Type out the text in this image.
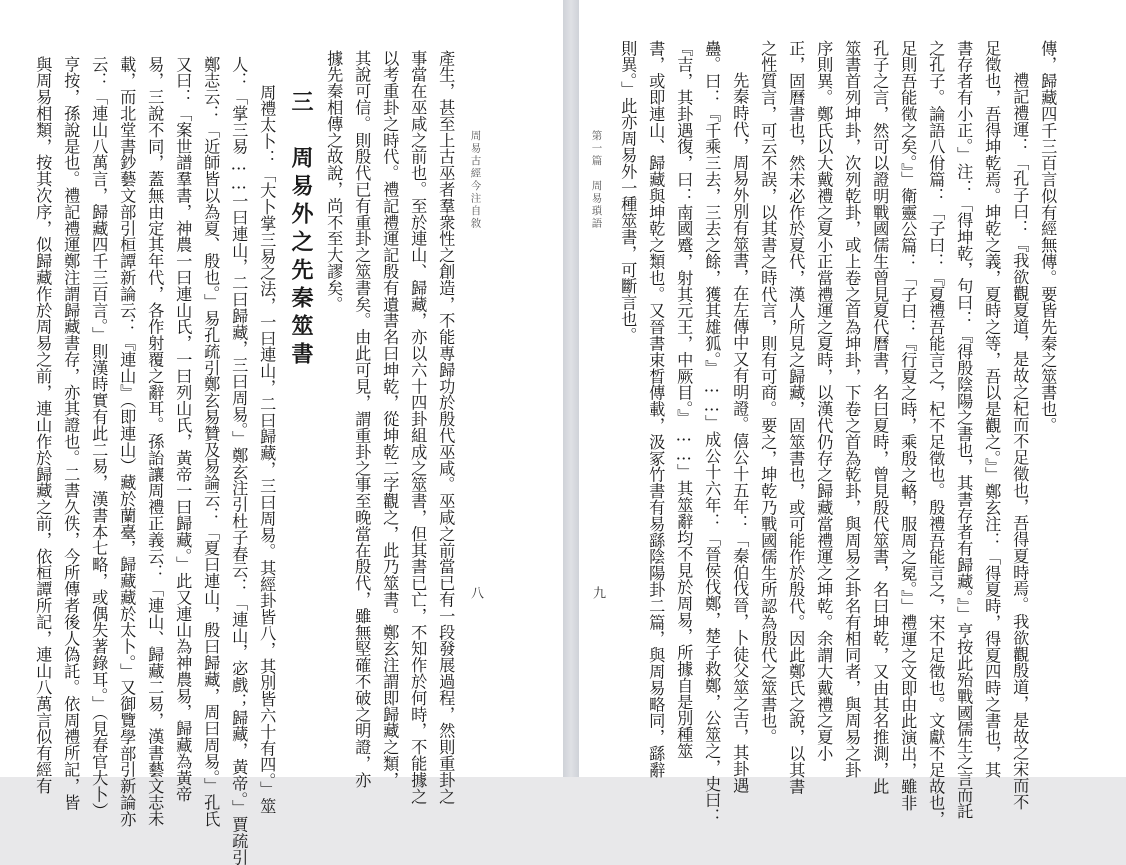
周易古經今注自敘
八
產生，甚至上古巫者羣衆性之創造，不能專歸功於殷代巫咸。巫咸之前當已有一段發展過程，然則重卦之
事當在巫咸之前也。至於連山、歸藏，亦以六十四卦組成之筮書，但其書已亡，不知作於何時，不能據之
以考重卦之時代。禮記禮運記殷有遺書名曰坤乾，從坤乾二字觀之，此乃筮書。鄭玄注謂即歸藏之類，
其說可信。則殷代已有重卦之筮書矣。由此可見，謂重卦之事至晚當在殷代，雖無堅確不破之明證，亦
據先秦相傳之故說，尚不至大謬矣。
三　周易外之先秦筮書
周禮太卜：「大卜掌三易之法，一曰連山，二曰歸藏，三曰周易。其經卦皆八，其別皆六十有四。」筮
人：「掌三易……一曰連山，二曰歸藏，三曰周易。」鄭玄注引杜子春云：「連山，宓戲；歸藏，黃帝。」賈疏引
鄭志云：「近師皆以為夏、殷也。」易孔疏引鄭玄易贊及易論云：「夏曰連山，殷曰歸藏，周曰周易。」孔氏
又曰：「案世譜羣書，神農一曰連山氏，一曰列山氏，黃帝一曰歸藏。」此又連山為神農易，歸藏為黃帝
易，三說不同，蓋無由定其年代，各作射覆之辭耳。孫詒讓周禮正義云：「連山、歸藏二易，漢書藝文志未
載，而北堂書鈔藝文部引桓譚新論云：『連山』（即連山）藏於蘭臺，歸藏藏於太卜。」又御覽學部引新論亦
云：「連山八萬言，歸藏四千三百言。」則漢時實有此二易，漢書本七略，或偶失著錄耳。」（見春官大卜）
亨按，孫說是也。禮記禮運鄭注謂歸藏書存，亦其證也。二書久佚，今所傳者後人偽託。依周禮所記，皆
與周易相類，按其次序，似歸藏作於周易之前，連山作於歸藏之前，依桓譚所記，連山八萬言似有經有	傳，歸藏四千三百言似有經無傳。要皆先秦之筮書也。
禮記禮運：「孔子曰：『我欲觀夏道，是故之杞而不足徵也，吾得夏時焉。我欲觀殷道，是故之宋而不
足徵也，吾得坤乾焉。坤乾之義，夏時之等，吾以是觀之。』」鄭玄注：「得夏時，得夏四時之書也，其
書存者有小正。」注：「得坤乾，句曰：『得殷陰陽之書也，其書存者有歸藏。』」亨按此殆戰國儒生之言而託
之孔子。論語八佾篇：「子曰：『夏禮吾能言之，杞不足徵也。殷禮吾能言之，宋不足徵也。文獻不足故也，
足則吾能徵之矣。』」衛靈公篇：「子曰：『行夏之時，乘殷之輅，服周之冕。』」禮運之文即由此演出，雖非
孔子之言，然可以證明戰國儒生曾見夏代曆書，名曰夏時，曾見殷代筮書，名曰坤乾，又由其名推測，此
筮書首列坤卦，次列乾卦，或上卷之首為坤卦，下卷之首為乾卦，與周易之卦名有相同者，與周易之卦
序則異。鄭氏以大戴禮之夏小正當禮運之夏時，以漢代仍存之歸藏當禮運之坤乾。余謂大戴禮之夏小
正，固曆書也，然未必作於夏代，漢人所見之歸藏，固筮書也，或可能作於殷代。因此鄭氏之說，以其書
之性質言，可云不誤，以其書之時代言，則有可商。要之，坤乾乃戰國儒生所認為殷代之筮書也。
先秦時代，周易外別有筮書，在左傳中又有明證。僖公十五年：「秦伯伐晉，卜徒父筮之吉，其卦遇
蠱。曰：『千乘三去，三去之餘，獲其雄狐。』……」成公十六年：「晉侯伐鄭，楚子救鄭，公筮之，史曰：
『吉，其卦遇復，曰：南國蹙，射其元王，中厥目。』……」其筮辭均不見於周易，所據自是別種筮
書，或即連山、歸藏與坤乾之類也。又晉書束晳傳載，汲冢竹書有易繇陰陽卦二篇，與周易略同，繇辭
則異。」此亦周易外一種筮書，可斷言也。
第一篇　周易瑣語
九
